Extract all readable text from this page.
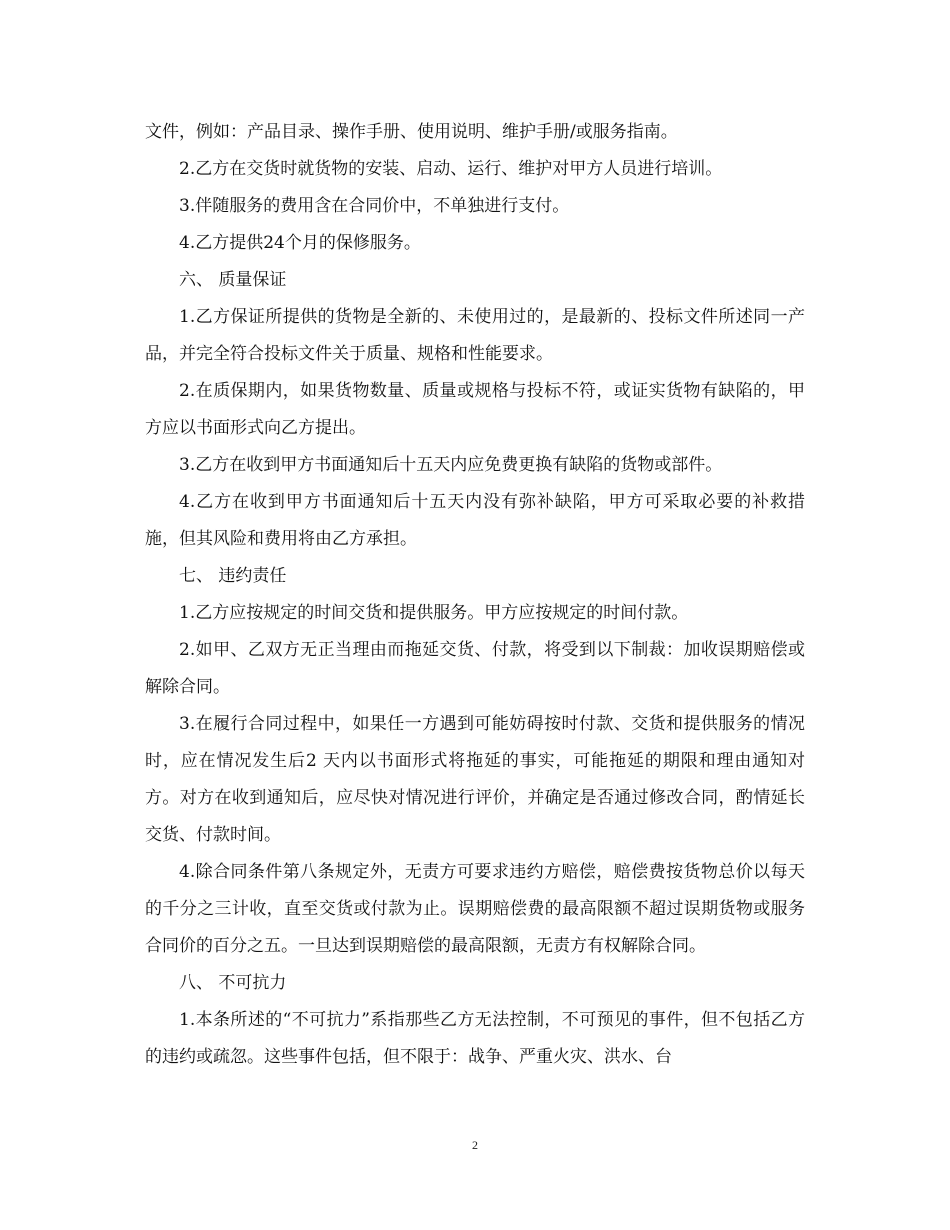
文件，例如：产品目录、操作手册、使用说明、维护手册/或服务指南。

2.乙方在交货时就货物的安装、启动、运行、维护对甲方人员进行培训。

3.伴随服务的费用含在合同价中，不单独进行支付。

4.乙方提供24个月的保修服务。

六、 质量保证

1.乙方保证所提供的货物是全新的、未使用过的，是最新的、投标文件所述同一产品，并完全符合投标文件关于质量、规格和性能要求。

2.在质保期内，如果货物数量、质量或规格与投标不符，或证实货物有缺陷的，甲方应以书面形式向乙方提出。

3.乙方在收到甲方书面通知后十五天内应免费更换有缺陷的货物或部件。

4.乙方在收到甲方书面通知后十五天内没有弥补缺陷，甲方可采取必要的补救措施，但其风险和费用将由乙方承担。

七、 违约责任

1.乙方应按规定的时间交货和提供服务。甲方应按规定的时间付款。

2.如甲、乙双方无正当理由而拖延交货、付款，将受到以下制裁：加收误期赔偿或解除合同。

3.在履行合同过程中，如果任一方遇到可能妨碍按时付款、交货和提供服务的情况时，应在情况发生后2 天内以书面形式将拖延的事实，可能拖延的期限和理由通知对方。对方在收到通知后，应尽快对情况进行评价，并确定是否通过修改合同，酌情延长交货、付款时间。

4.除合同条件第八条规定外，无责方可要求违约方赔偿，赔偿费按货物总价以每天的千分之三计收，直至交货或付款为止。误期赔偿费的最高限额不超过误期货物或服务合同价的百分之五。一旦达到误期赔偿的最高限额，无责方有权解除合同。

八、 不可抗力

1.本条所述的“不可抗力”系指那些乙方无法控制，不可预见的事件，但不包括乙方的违约或疏忽。这些事件包括，但不限于：战争、严重火灾、洪水、台

2
